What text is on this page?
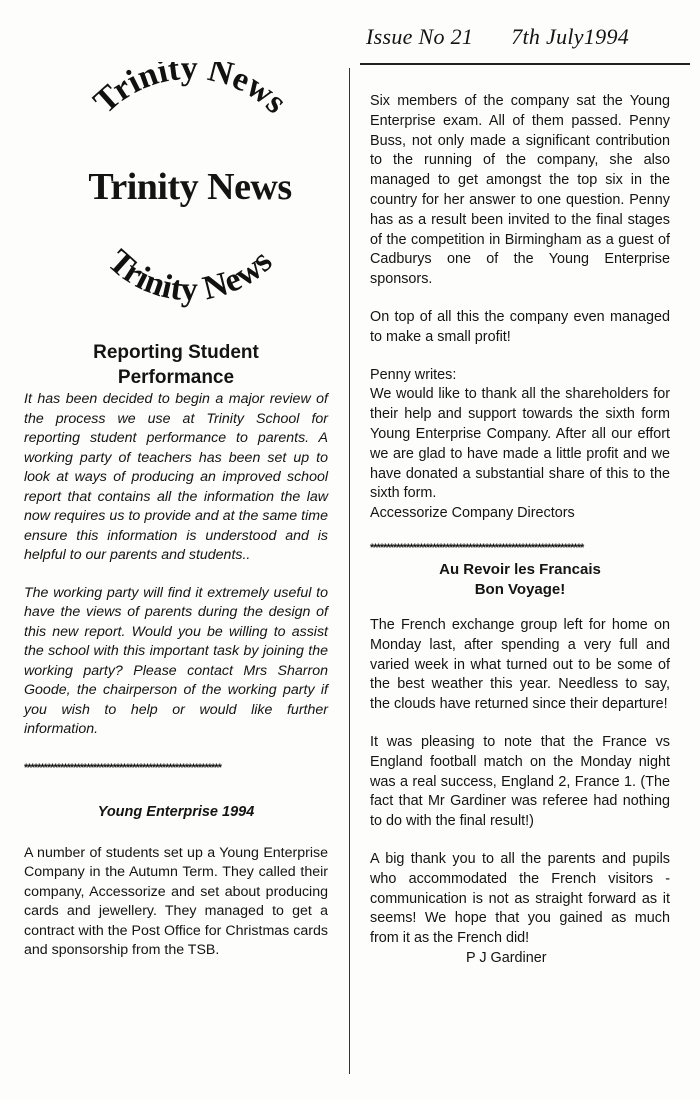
Issue No 21 7th July1994
Trinity News
Trinity News
Trinity News

Reporting Student

Performance

It has been decided to begin a major review of the process we use at Trinity School for reporting student performance to parents. A working party of teachers has been set up to look at ways of producing an improved school report that contains all the information the law now requires us to provide and at the same time ensure this information is understood and is helpful to our parents and students..

The working party will find it extremely useful to have the views of parents during the design of this new report. Would you be willing to assist the school with this important task by joining the working party? Please contact Mrs Sharron Goode, the chairperson of the working party if you wish to help or would like further information.

************************************************************

Young Enterprise 1994

A number of students set up a Young Enterprise Company in the Autumn Term. They called their company, Accessorize and set about producing cards and jewellery. They managed to get a contract with the Post Office for Christmas cards and sponsorship from the TSB.

Six members of the company sat the Young Enterprise exam. All of them passed. Penny Buss, not only made a significant contribution to the running of the company, she also managed to get amongst the top six in the country for her answer to one question. Penny has as a result been invited to the final stages of the competition in Birmingham as a guest of Cadburys one of the Young Enterprise sponsors.

On top of all this the company even managed to make a small profit!

Penny writes:

We would like to thank all the shareholders for their help and support towards the sixth form Young Enterprise Company. After all our effort we are glad to have made a little profit and we have donated a substantial share of this to the sixth form.

Accessorize Company Directors

*****************************************************************

Au Revoir les Francais

Bon Voyage!

The French exchange group left for home on Monday last, after spending a very full and varied week in what turned out to be some of the best weather this year. Needless to say, the clouds have returned since their departure!

It was pleasing to note that the France vs England football match on the Monday night was a real success, England 2, France 1. (The fact that Mr Gardiner was referee had nothing to do with the final result!)

A big thank you to all the parents and pupils who accommodated the French visitors - communication is not as straight forward as it seems! We hope that you gained as much from it as the French did!

P J Gardiner
